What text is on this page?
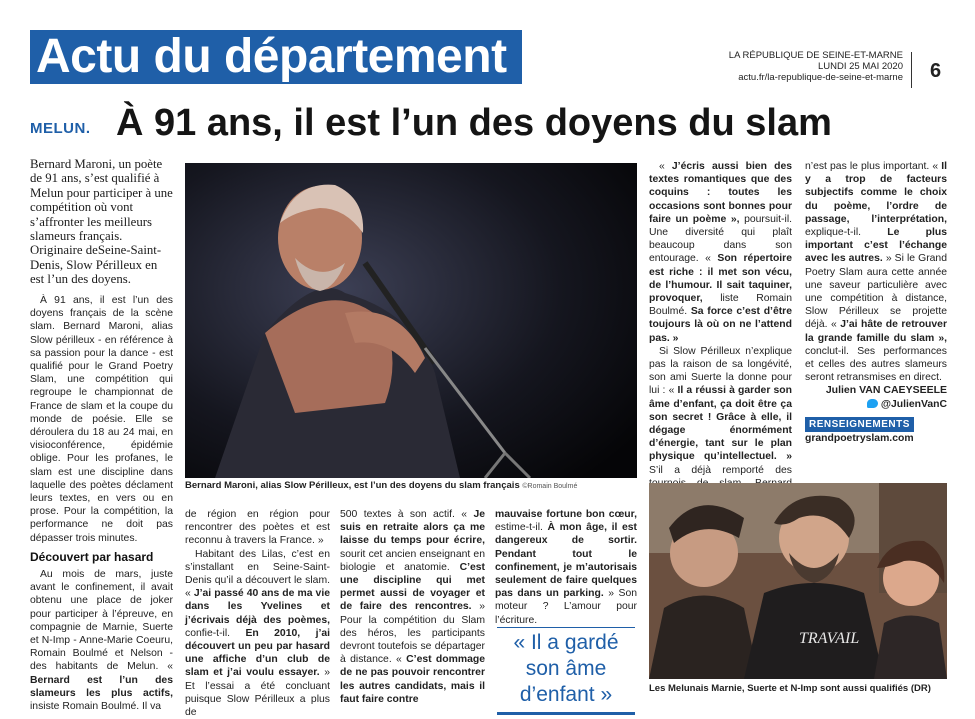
Actu du département	LA RÉPUBLIQUE DE SEINE-ET-MARNE
LUNDI 25 MAI 2020
actu.fr/la-republique-de-seine-et-marne 6
MELUN. À 91 ans, il est l’un des doyens du slam
Bernard Maroni, un poète de 91 ans, s’est qualifié à Melun pour participer à une compétition où vont s’affronter les meilleurs slameurs français. Originaire deSeine-Saint-Denis, Slow Périlleux en est l’un des doyens.

À 91 ans, il est l’un des doyens français de la scène slam. Bernard Maroni, alias Slow périlleux - en référence à sa passion pour la dance - est qualifié pour le Grand Poetry Slam, une compétition qui regroupe le championnat de France de slam et la coupe du monde de poésie. Elle se déroulera du 18 au 24 mai, en visioconférence, épidémie oblige. Pour les profanes, le slam est une discipline dans laquelle des poètes déclament leurs textes, en vers ou en prose. Pour la compétition, la performance ne doit pas dépasser trois minutes.

Découvert par hasard

Au mois de mars, juste avant le confinement, il avait obtenu une place de joker pour participer à l’épreuve, en compagnie de Marnie, Suerte et N-Imp - Anne-Marie Coeuru, Romain Boulmé et Nelson - des habitants de Melun. « Bernard est l’un des slameurs les plus actifs, insiste Romain Boulmé. Il va

Bernard Maroni, alias Slow Périlleux, est l’un des doyens du slam français ©Romain Boulmé

de région en région pour rencontrer des poètes et est reconnu à travers la France. »

Habitant des Lilas, c’est en s’installant en Seine-Saint-Denis qu’il a découvert le slam. « J’ai passé 40 ans de ma vie dans les Yvelines et j’écrivais déjà des poèmes, confie-t-il. En 2010, j’ai découvert un peu par hasard une affiche d’un club de slam et j’ai voulu essayer. » Et l’essai a été concluant puisque Slow Périlleux a plus de

500 textes à son actif. « Je suis en retraite alors ça me laisse du temps pour écrire, sourit cet ancien enseignant en biologie et anatomie. C’est une discipline qui met permet aussi de voyager et de faire des rencontres. » Pour la compétition du Slam des héros, les participants devront toutefois se départager à distance. « C’est dommage de ne pas pouvoir rencontrer les autres candidats, mais il faut faire contre

mauvaise fortune bon cœur, estime-t-il. À mon âge, il est dangereux de sortir. Pendant tout le confinement, je m’autorisais seulement de faire quelques pas dans un parking. » Son moteur ? L’amour pour l’écriture.

« Il a gardé son âme d’enfant »

« J’écris aussi bien des textes romantiques que des coquins : toutes les occasions sont bonnes pour faire un poème », poursuit-il. Une diversité qui plaît beaucoup dans son entourage. « Son répertoire est riche : il met son vécu, de l’humour. Il sait taquiner, provoquer, liste Romain Boulmé. Sa force c’est d’être toujours là où on ne l’attend pas. »

Si Slow Périlleux n’explique pas la raison de sa longévité, son ami Suerte la donne pour lui : « Il a réussi à garder son âme d’enfant, ça doit être ça son secret ! Grâce à elle, il dégage énormément d’énergie, tant sur le plan physique qu’intellectuel. » S’il a déjà remporté des

n’est pas le plus important. « Il y a trop de facteurs subjectifs comme le choix du poème, l’ordre de passage, l’interprétation, explique-t-il.	Le plus important c’est l’échange avec les autres. » Si le Grand Poetry Slam aura cette année une saveur particulière avec une compétition à distance, Slow Périlleux se projette déjà. « J’ai hâte de retrouver la grande famille du slam », conclut-il. Ses performances et celles des autres slameurs seront retransmises en direct.

Julien VAN CAEYSEELE
@JulienVanC
RENSEIGNEMENTS
grandpoetryslam.com
TRAVAIL
Les Melunais Marnie, Suerte et N-Imp sont aussi qualifiés (DR)
